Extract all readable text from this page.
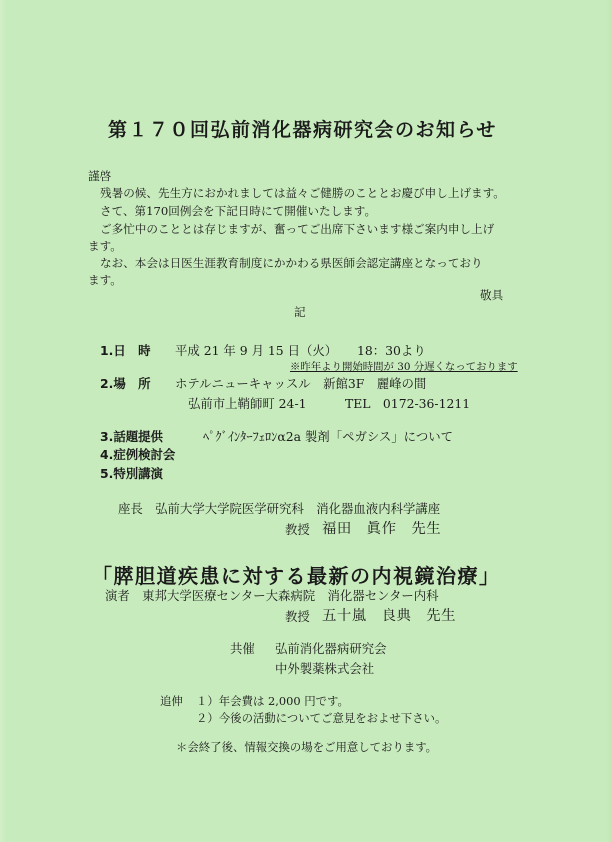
第１７０回弘前消化器病研究会のお知らせ
謹啓
残暑の候、先生方におかれましては益々ご健勝のこととお慶び申し上げます。
さて、第170回例会を下記日時にて開催いたします。
ご多忙中のこととは存じますが、奮ってご出席下さいます様ご案内申し上げ
ます。
なお、本会は日医生涯教育制度にかかわる県医師会認定講座となっており
ます。
敬具
記
1.日　時 平成 21 年 9 月 15 日（火） 18：30より
※昨年より開始時間が 30 分遅くなっております
2.場　所 ホテルニューキャッスル　新館3F　麗峰の間
弘前市上鞘師町 24-1	TEL　0172-36-1211
3.話題提供	ﾍﾟｸﾞｲﾝﾀｰﾌｪﾛﾝα2a 製剤「ペガシス」について
4.症例検討会
5.特別講演
座長　弘前大学大学院医学研究科　消化器血液内科学講座
教授 福田　眞作　先生
「膵胆道疾患に対する最新の内視鏡治療」
演者　東邦大学医療センター大森病院　消化器センター内科
教授 五十嵐　良典　先生
共催 弘前消化器病研究会
中外製薬株式会社
追伸 １）年会費は 2,000 円です。
２）今後の活動についてご意見をおよせ下さい。
＊会終了後、情報交換の場をご用意しております。
